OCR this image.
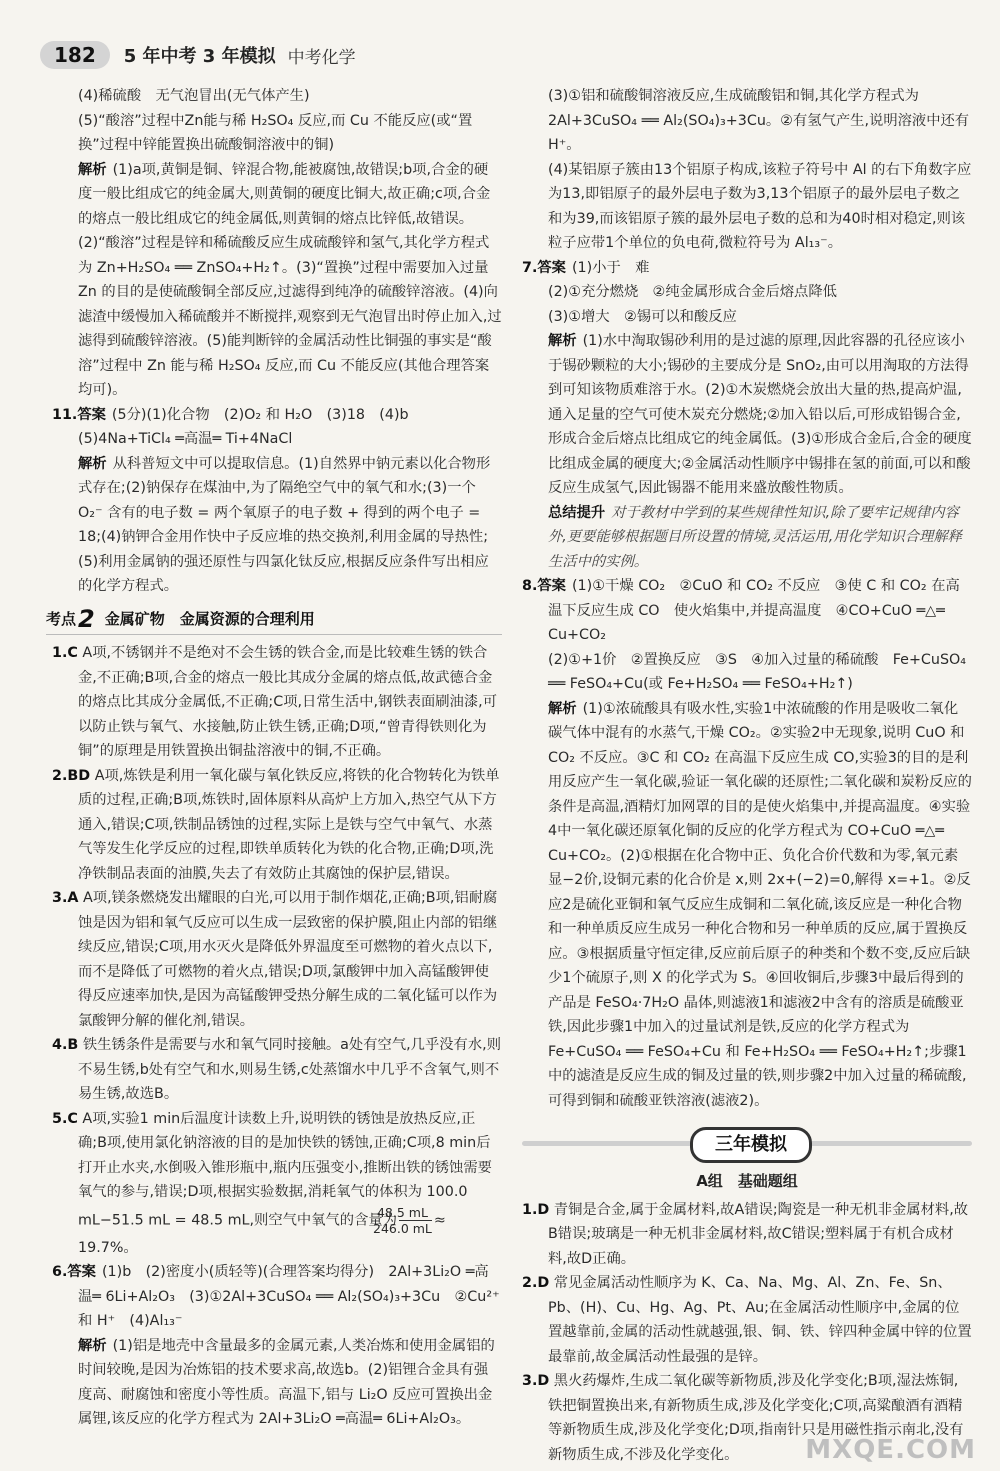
182	5 年中考 3 年模拟 中考化学

(4)稀硫酸　无气泡冒出(无气体产生)

(5)“酸溶”过程中Zn能与稀 H₂SO₄ 反应,而 Cu 不能反应(或“置换”过程中锌能置换出硫酸铜溶液中的铜)

解析 (1)a项,黄铜是铜、锌混合物,能被腐蚀,故错误;b项,合金的硬度一般比组成它的纯金属大,则黄铜的硬度比铜大,故正确;c项,合金的熔点一般比组成它的纯金属低,则黄铜的熔点比锌低,故错误。(2)“酸溶”过程是锌和稀硫酸反应生成硫酸锌和氢气,其化学方程式为 Zn+H₂SO₄ ══ ZnSO₄+H₂↑。(3)“置换”过程中需要加入过量 Zn 的目的是使硫酸铜全部反应,过滤得到纯净的硫酸锌溶液。(4)向滤渣中缓慢加入稀硫酸并不断搅拌,观察到无气泡冒出时停止加入,过滤得到硫酸锌溶液。(5)能判断锌的金属活动性比铜强的事实是“酸溶”过程中 Zn 能与稀 H₂SO₄ 反应,而 Cu 不能反应(其他合理答案均可)。

11.答案 (5分)(1)化合物　(2)O₂ 和 H₂O　(3)18　(4)b

(5)4Na+TiCl₄ ═高温═ Ti+4NaCl

解析 从科普短文中可以提取信息。(1)自然界中钠元素以化合物形式存在;(2)钠保存在煤油中,为了隔绝空气中的氧气和水;(3)一个 O₂⁻ 含有的电子数 = 两个氧原子的电子数 + 得到的两个电子 = 18;(4)钠钾合金用作快中子反应堆的热交换剂,利用金属的导热性;(5)利用金属钠的强还原性与四氯化钛反应,根据反应条件写出相应的化学方程式。

考点 2 金属矿物　金属资源的合理利用

1.C A项,不锈钢并不是绝对不会生锈的铁合金,而是比较难生锈的铁合金,不正确;B项,合金的熔点一般比其成分金属的熔点低,故武德合金的熔点比其成分金属低,不正确;C项,日常生活中,钢铁表面刷油漆,可以防止铁与氧气、水接触,防止铁生锈,正确;D项,“曾青得铁则化为铜”的原理是用铁置换出铜盐溶液中的铜,不正确。

2.BD A项,炼铁是利用一氧化碳与氧化铁反应,将铁的化合物转化为铁单质的过程,正确;B项,炼铁时,固体原料从高炉上方加入,热空气从下方通入,错误;C项,铁制品锈蚀的过程,实际上是铁与空气中氧气、水蒸气等发生化学反应的过程,即铁单质转化为铁的化合物,正确;D项,洗净铁制品表面的油膜,失去了有效防止其腐蚀的保护层,错误。

3.A A项,镁条燃烧发出耀眼的白光,可以用于制作烟花,正确;B项,铝耐腐蚀是因为铝和氧气反应可以生成一层致密的保护膜,阻止内部的铝继续反应,错误;C项,用水灭火是降低外界温度至可燃物的着火点以下,而不是降低了可燃物的着火点,错误;D项,氯酸钾中加入高锰酸钾使得反应速率加快,是因为高锰酸钾受热分解生成的二氧化锰可以作为氯酸钾分解的催化剂,错误。

4.B 铁生锈条件是需要与水和氧气同时接触。a处有空气,几乎没有水,则不易生锈,b处有空气和水,则易生锈,c处蒸馏水中几乎不含氧气,则不易生锈,故选B。

5.C A项,实验1 min后温度计读数上升,说明铁的锈蚀是放热反应,正确;B项,使用氯化钠溶液的目的是加快铁的锈蚀,正确;C项,8 min后打开止水夹,水倒吸入锥形瓶中,瓶内压强变小,推断出铁的锈蚀需要氧气的参与,错误;D项,根据实验数据,消耗氧气的体积为 100.0 mL−51.5 mL = 48.5 mL,则空气中氧气的含量为 $\frac{48.5 mL}{246.0 mL}$ ≈

19.7%。

6.答案 (1)b　(2)密度小(质轻等)(合理答案均得分)　2Al+3Li₂O ═高温═ 6Li+Al₂O₃　(3)①2Al+3CuSO₄ ══ Al₂(SO₄)₃+3Cu　②Cu²⁺ 和 H⁺　(4)Al₁₃⁻

解析 (1)铝是地壳中含量最多的金属元素,人类冶炼和使用金属铝的时间较晚,是因为冶炼铝的技术要求高,故选b。(2)铝锂合金具有强度高、耐腐蚀和密度小等性质。高温下,铝与 Li₂O 反应可置换出金属锂,该反应的化学方程式为 2Al+3Li₂O ═高温═ 6Li+Al₂O₃。

(3)①铝和硫酸铜溶液反应,生成硫酸铝和铜,其化学方程式为 2Al+3CuSO₄ ══ Al₂(SO₄)₃+3Cu。②有氢气产生,说明溶液中还有 H⁺。

(4)某铝原子簇由13个铝原子构成,该粒子符号中 Al 的右下角数字应为13,即铝原子的最外层电子数为3,13个铝原子的最外层电子数之和为39,而该铝原子簇的最外层电子数的总和为40时相对稳定,则该粒子应带1个单位的负电荷,微粒符号为 Al₁₃⁻。

7.答案 (1)小于　难

(2)①充分燃烧　②纯金属形成合金后熔点降低

(3)①增大　②锡可以和酸反应

解析 (1)水中淘取锡砂利用的是过滤的原理,因此容器的孔径应该小于锡砂颗粒的大小;锡砂的主要成分是 SnO₂,由可以用淘取的方法得到可知该物质难溶于水。(2)①木炭燃烧会放出大量的热,提高炉温,通入足量的空气可使木炭充分燃烧;②加入铅以后,可形成铅锡合金,形成合金后熔点比组成它的纯金属低。(3)①形成合金后,合金的硬度比组成金属的硬度大;②金属活动性顺序中锡排在氢的前面,可以和酸反应生成氢气,因此锡器不能用来盛放酸性物质。

总结提升 对于教材中学到的某些规律性知识,除了要牢记规律内容外,更要能够根据题目所设置的情境,灵活运用,用化学知识合理解释生活中的实例。

8.答案 (1)①干燥 CO₂　②CuO 和 CO₂ 不反应　③使 C 和 CO₂ 在高温下反应生成 CO　使火焰集中,并提高温度　④CO+CuO ═△═ Cu+CO₂

(2)①+1价　②置换反应　③S　④加入过量的稀硫酸　Fe+CuSO₄ ══ FeSO₄+Cu(或 Fe+H₂SO₄ ══ FeSO₄+H₂↑)

解析 (1)①浓硫酸具有吸水性,实验1中浓硫酸的作用是吸收二氧化碳气体中混有的水蒸气,干燥 CO₂。②实验2中无现象,说明 CuO 和 CO₂ 不反应。③C 和 CO₂ 在高温下反应生成 CO,实验3的目的是利用反应产生一氧化碳,验证一氧化碳的还原性;二氧化碳和炭粉反应的条件是高温,酒精灯加网罩的目的是使火焰集中,并提高温度。④实验4中一氧化碳还原氧化铜的反应的化学方程式为 CO+CuO ═△═ Cu+CO₂。(2)①根据在化合物中正、负化合价代数和为零,氧元素显−2价,设铜元素的化合价是 x,则 2x+(−2)=0,解得 x=+1。②反应2是硫化亚铜和氧气反应生成铜和二氧化硫,该反应是一种化合物和一种单质反应生成另一种化合物和另一种单质的反应,属于置换反应。③根据质量守恒定律,反应前后原子的种类和个数不变,反应后缺少1个硫原子,则 X 的化学式为 S。④回收铜后,步骤3中最后得到的产品是 FeSO₄·7H₂O 晶体,则滤液1和滤液2中含有的溶质是硫酸亚铁,因此步骤1中加入的过量试剂是铁,反应的化学方程式为 Fe+CuSO₄ ══ FeSO₄+Cu 和 Fe+H₂SO₄ ══ FeSO₄+H₂↑;步骤1中的滤渣是反应生成的铜及过量的铁,则步骤2中加入过量的稀硫酸,可得到铜和硫酸亚铁溶液(滤液2)。

三年模拟
A组　基础题组

1.D 青铜是合金,属于金属材料,故A错误;陶瓷是一种无机非金属材料,故B错误;玻璃是一种无机非金属材料,故C错误;塑料属于有机合成材料,故D正确。

2.D 常见金属活动性顺序为 K、Ca、Na、Mg、Al、Zn、Fe、Sn、Pb、(H)、Cu、Hg、Ag、Pt、Au;在金属活动性顺序中,金属的位置越靠前,金属的活动性就越强,银、铜、铁、锌四种金属中锌的位置最靠前,故金属活动性最强的是锌。

3.D 黑火药爆炸,生成二氧化碳等新物质,涉及化学变化;B项,湿法炼铜,铁把铜置换出来,有新物质生成,涉及化学变化;C项,高粱酿酒有酒精等新物质生成,涉及化学变化;D项,指南针只是用磁性指示南北,没有新物质生成,不涉及化学变化。	MXQE.COM
